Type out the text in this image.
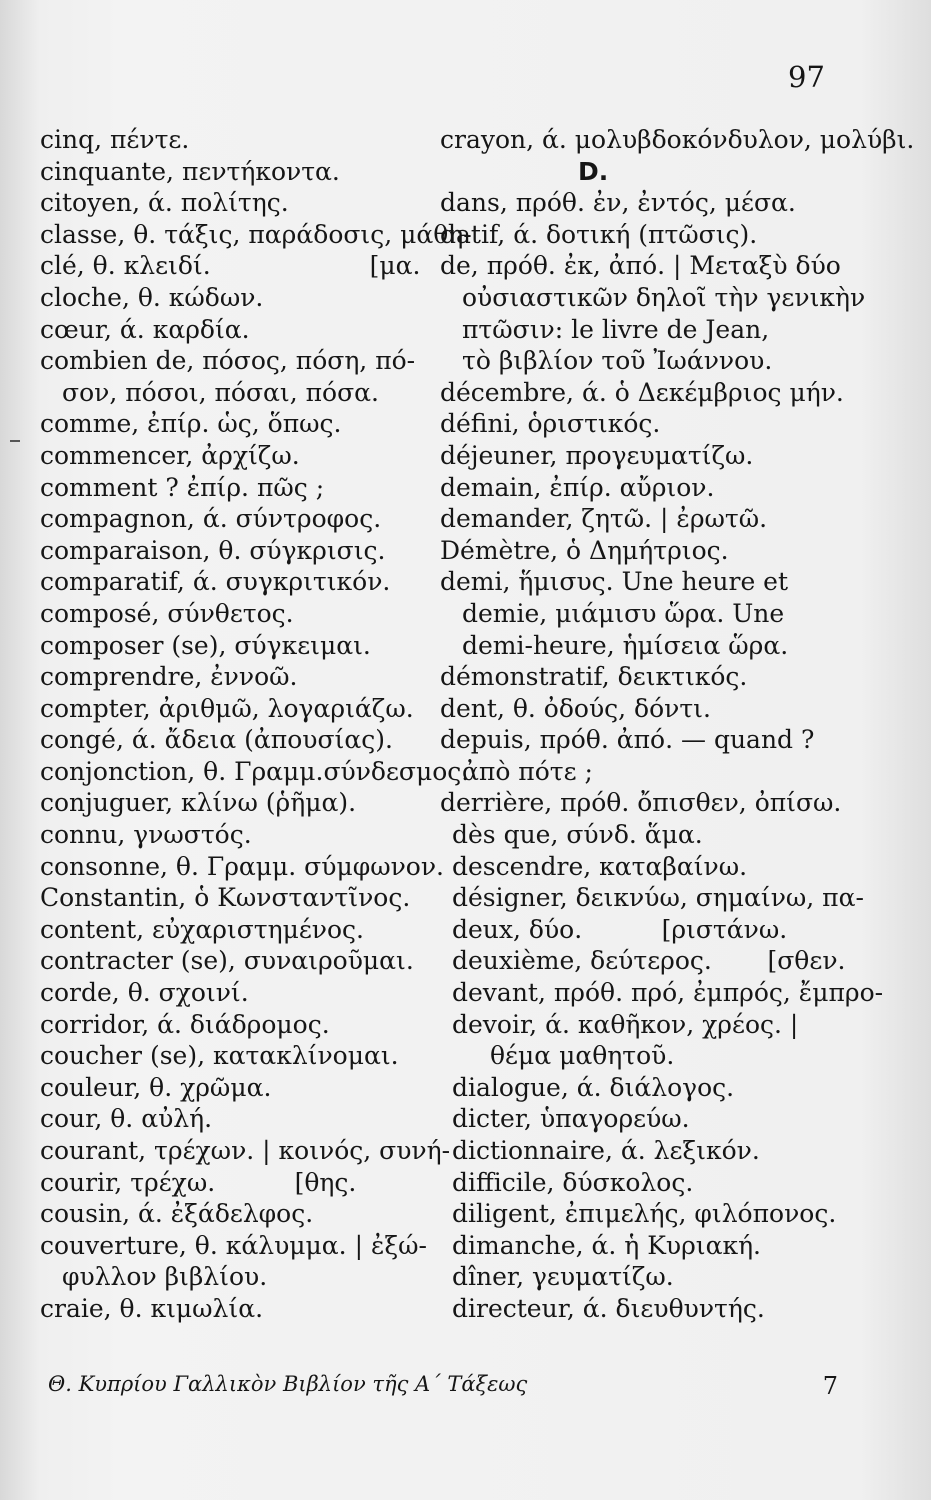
97
cinq, πέντε.
cinquante, πεντήκοντα.
citoyen, ά. πολίτης.
classe, θ. τάξις, παράδοσις, μάθη-
clé, θ. κλειδί.                    [μα.
cloche, θ. κώδων.
cœur, ά. καρδία.
combien de, πόσος, πόση, πό-
σον, πόσοι, πόσαι, πόσα.
comme, ἐπίρ. ὡς, ὅπως.
commencer, ἀρχίζω.
comment ? ἐπίρ. πῶς ;
compagnon, ά. σύντροφος.
comparaison, θ. σύγκρισις.
comparatif, ά. συγκριτικόν.
composé, σύνθετος.
composer (se), σύγκειμαι.
comprendre, ἐννοῶ.
compter, ἀριθμῶ, λογαριάζω.
congé, ά. ἄδεια (ἀπουσίας).
conjonction, θ. Γραμμ.σύνδεσμος.
conjuguer, κλίνω (ῥῆμα).
connu, γνωστός.
consonne, θ. Γραμμ. σύμφωνον.
Constantin, ὁ Κωνσταντῖνος.
content, εὐχαριστημένος.
contracter (se), συναιροῦμαι.
corde, θ. σχοινί.
corridor, ά. διάδρομος.
coucher (se), κατακλίνομαι.
couleur, θ. χρῶμα.
cour, θ. αὐλή.
courant, τρέχων. | κοινός, συνή-
courir, τρέχω.          [θης.
cousin, ά. ἐξάδελφος.
couverture, θ. κάλυμμα. | ἐξώ-
φυλλον βιβλίου.
craie, θ. κιμωλία.
crayon, ά. μολυβδοκόνδυλον, μολύβι.
D.
dans, πρόθ. ἐν, ἐντός, μέσα.
datif, ά. δοτική (πτῶσις).
de, πρόθ. ἐκ, ἀπό. | Μεταξὺ δύο
οὐσιαστικῶν δηλοῖ τὴν γενικὴν
πτῶσιν: le livre de Jean,
τὸ βιβλίον τοῦ Ἰωάννου.
décembre, ά. ὁ Δεκέμβριος μήν.
défini, ὁριστικός.
déjeuner, προγευματίζω.
demain, ἐπίρ. αὔριον.
demander, ζητῶ. | ἐρωτῶ.
Démètre, ὁ Δημήτριος.
demi, ἥμισυς. Une heure et
demie, μιάμισυ ὥρα. Une
demi-heure, ἡμίσεια ὥρα.
démonstratif, δεικτικός.
dent, θ. ὀδούς, δόντι.
depuis, πρόθ. ἀπό. — quand ?
ἀπὸ πότε ;
derrière, πρόθ. ὄπισθεν, ὀπίσω.
dès que, σύνδ. ἅμα.
descendre, καταβαίνω.
désigner, δεικνύω, σημαίνω, πα-
deux, δύο.          [ριστάνω.
deuxième, δεύτερος.       [σθεν.
devant, πρόθ. πρό, ἐμπρός, ἔμπρο-
devoir, ά. καθῆκον, χρέος. |
θέμα μαθητοῦ.
dialogue, ά. διάλογος.
dicter, ὑπαγορεύω.
dictionnaire, ά. λεξικόν.
difficile, δύσκολος.
diligent, ἐπιμελής, φιλόπονος.
dimanche, ά. ἡ Κυριακή.
dîner, γευματίζω.
directeur, ά. διευθυντής.
Θ. Κυπρίου Γαλλικὸν Βιβλίον τῆς Α΄ Τάξεως	7
